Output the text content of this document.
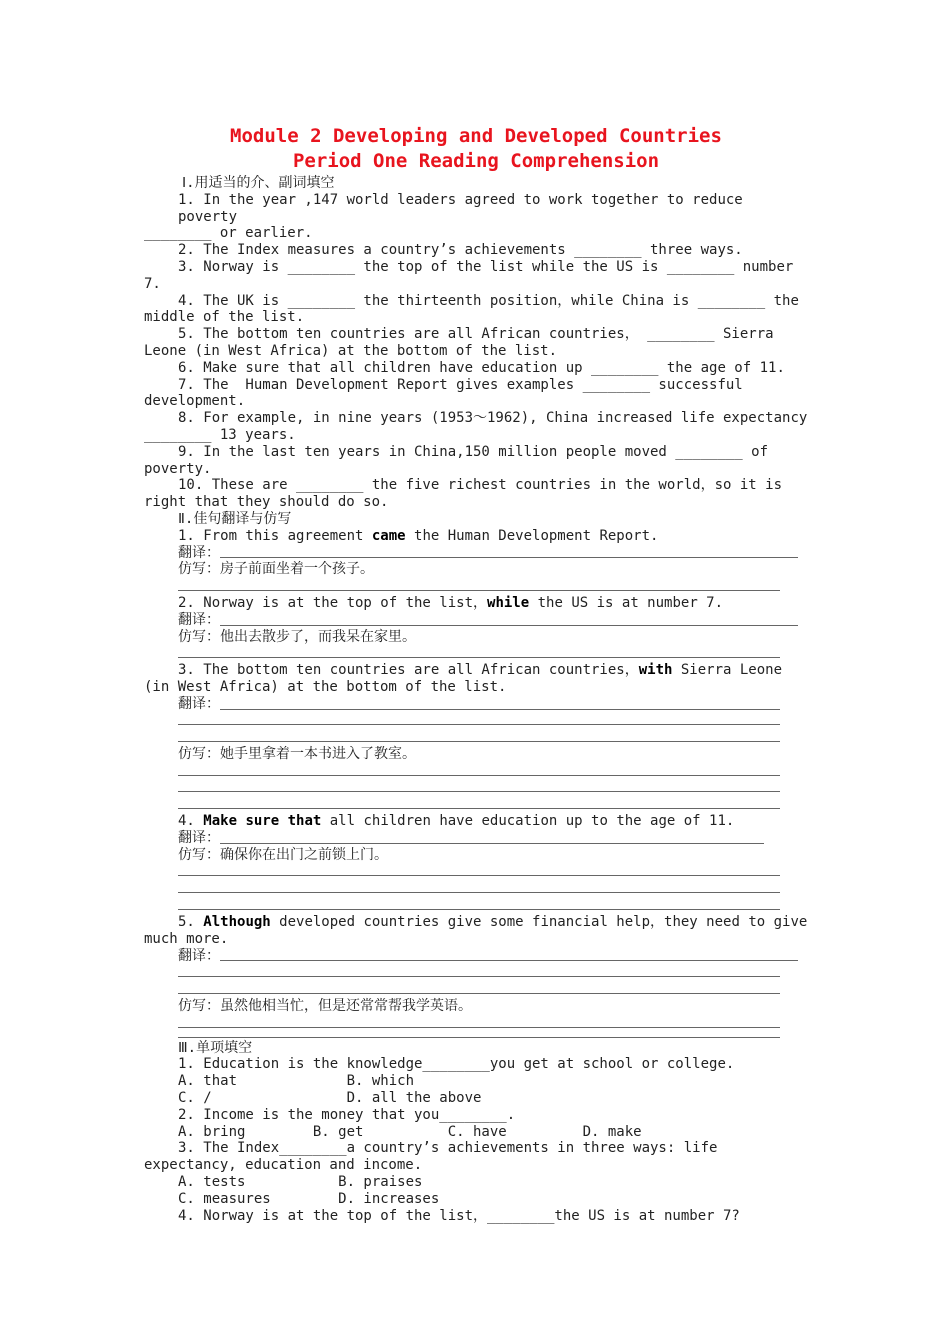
Module 2 Developing and Developed Countries
Period One Reading Comprehension
Ⅰ.用适当的介、副词填空
1. In the year ,147 world leaders agreed to work together to reduce poverty
________ or earlier.
2. The Index measures a country’s achievements ________ three ways.
3. Norway is ________ the top of the list while the US is ________ number
7.
4. The UK is ________ the thirteenth position，while China is ________ the
middle of the list.
5. The bottom ten countries are all African countries， ________ Sierra
Leone (in West Africa) at the bottom of the list.
6. Make sure that all children have education up ________ the age of 11.
7. The  Human Development Report gives examples ________ successful
development.
8. For example, in nine years (1953～1962), China increased life expectancy
________ 13 years.
9. In the last ten years in China,150 million people moved ________ of
poverty.
10. These are ________ the five richest countries in the world，so it is
right that they should do so.
Ⅱ.佳句翻译与仿写
1. From this agreement came the Human Development Report.
翻译：
仿写：房子前面坐着一个孩子。
2. Norway is at the top of the list，while the US is at number 7.
翻译：
仿写：他出去散步了，而我呆在家里。
3. The bottom ten countries are all African countries，with Sierra Leone
(in West Africa) at the bottom of the list.
翻译：
仿写：她手里拿着一本书进入了教室。
4. Make sure that all children have education up to the age of 11.
翻译：
仿写：确保你在出门之前锁上门。
5. Although developed countries give some financial help，they need to give
much more.
翻译：
仿写：虽然他相当忙，但是还常常帮我学英语。
Ⅲ.单项填空
1. Education is the knowledge________you get at school or college.
A. that             B. which
C. /                D. all the above
2. Income is the money that you________.
A. bring        B. get          C. have         D. make
3. The Index________a country’s achievements in three ways: life
expectancy, education and income.
A. tests           B. praises
C. measures        D. increases
4. Norway is at the top of the list，________the US is at number 7?
